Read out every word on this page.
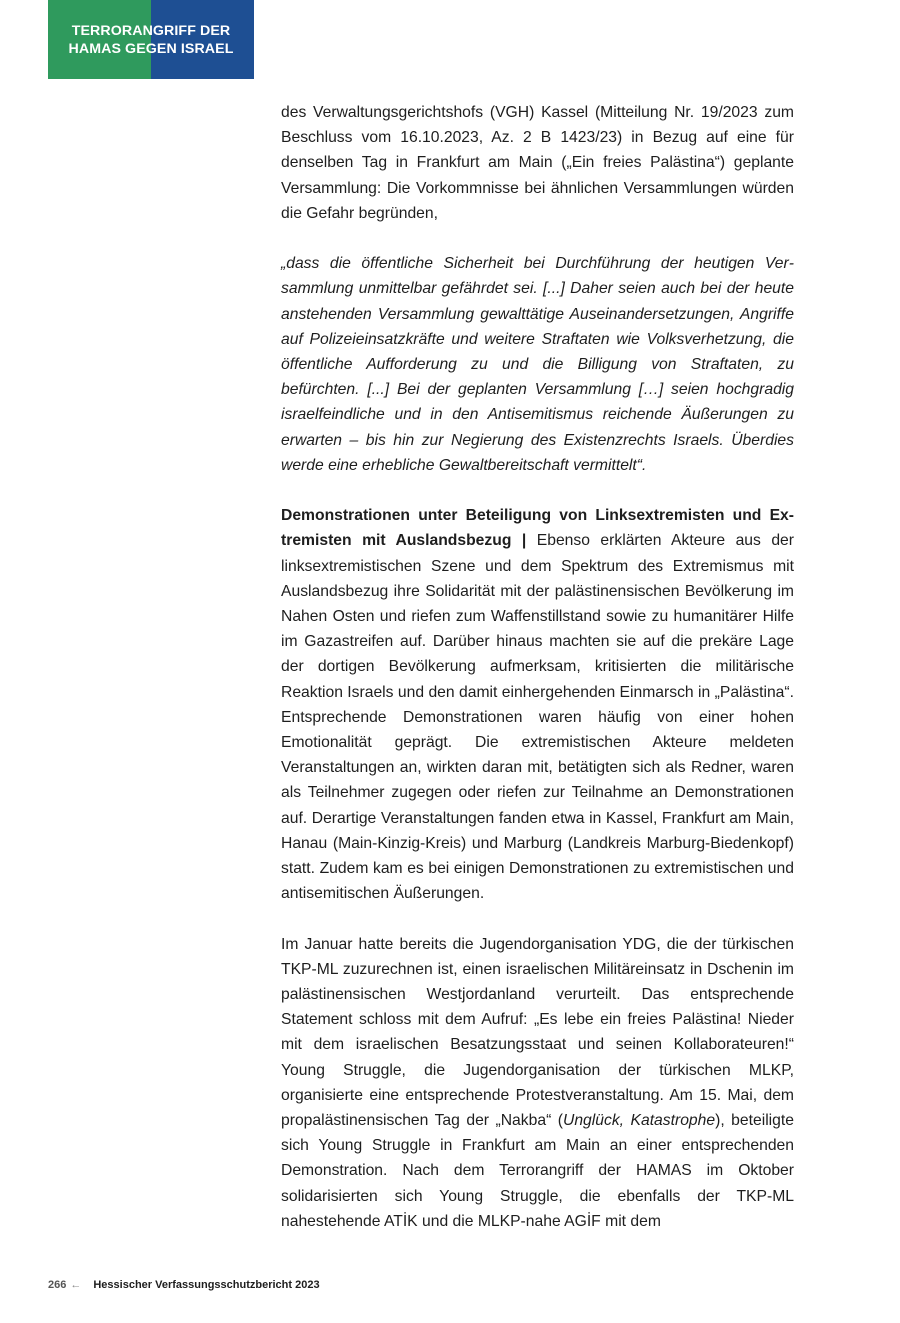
TERRORANGRIFF DER
HAMAS GEGEN ISRAEL

des Verwaltungsgerichtshofs (VGH) Kassel (Mitteilung Nr. 19/2023 zum Beschluss vom 16.10.2023, Az. 2 B 1423/23) in Bezug auf eine für denselben Tag in Frankfurt am Main („Ein freies Palästina“) geplante Versammlung: Die Vorkommnisse bei ähnlichen Versammlungen würden die Gefahr begründen,

„dass die öffentliche Sicherheit bei Durchführung der heutigen Versammlung unmittelbar gefährdet sei. [...] Daher seien auch bei der heute anstehenden Versammlung gewalttätige Auseinandersetzungen, Angriffe auf Polizeieinsatzkräfte und weitere Straftaten wie Volksverhetzung, die öffentliche Aufforderung zu und die Billigung von Straftaten, zu befürchten. [...] Bei der geplanten Versammlung […] seien hochgradig israelfeindliche und in den Antisemitismus reichende Äußerungen zu erwarten – bis hin zur Negierung des Existenzrechts Israels. Überdies werde eine erhebliche Gewaltbereitschaft vermittelt“.

Demonstrationen unter Beteiligung von Linksextremisten und Extremisten mit Auslandsbezug | Ebenso erklärten Akteure aus der linksextremistischen Szene und dem Spektrum des Extremismus mit Auslandsbezug ihre Solidarität mit der palästinensischen Bevölkerung im Nahen Osten und riefen zum Waffenstillstand sowie zu humanitärer Hilfe im Gazastreifen auf. Darüber hinaus machten sie auf die prekäre Lage der dortigen Bevölkerung aufmerksam, kritisierten die militärische Reaktion Israels und den damit einhergehenden Einmarsch in „Palästina“. Entsprechende Demonstrationen waren häufig von einer hohen Emotionalität geprägt. Die extremistischen Akteure meldeten Veranstaltungen an, wirkten daran mit, betätigten sich als Redner, waren als Teilnehmer zugegen oder riefen zur Teilnahme an Demonstrationen auf. Derartige Veranstaltungen fanden etwa in Kassel, Frankfurt am Main, Hanau (Main-Kinzig-Kreis) und Marburg (Landkreis Marburg-Biedenkopf) statt. Zudem kam es bei einigen Demonstrationen zu extremistischen und antisemitischen Äußerungen.

Im Januar hatte bereits die Jugendorganisation YDG, die der türkischen TKP-ML zuzurechnen ist, einen israelischen Militäreinsatz in Dschenin im palästinensischen Westjordanland verurteilt. Das entsprechende Statement schloss mit dem Aufruf: „Es lebe ein freies Palästina! Nieder mit dem israelischen Besatzungsstaat und seinen Kollaborateuren!“ Young Struggle, die Jugendorganisation der türkischen MLKP, organisierte eine entsprechende Protestveranstaltung. Am 15. Mai, dem propalästinensischen Tag der „Nakba“ (Unglück, Katastrophe), beteiligte sich Young Struggle in Frankfurt am Main an einer entsprechenden Demonstration. Nach dem Terrorangriff der HAMAS im Oktober solidarisierten sich Young Struggle, die ebenfalls der TKP-ML nahestehende ATİK und die MLKP-nahe AGİF mit dem

266 ← Hessischer Verfassungsschutzbericht 2023
